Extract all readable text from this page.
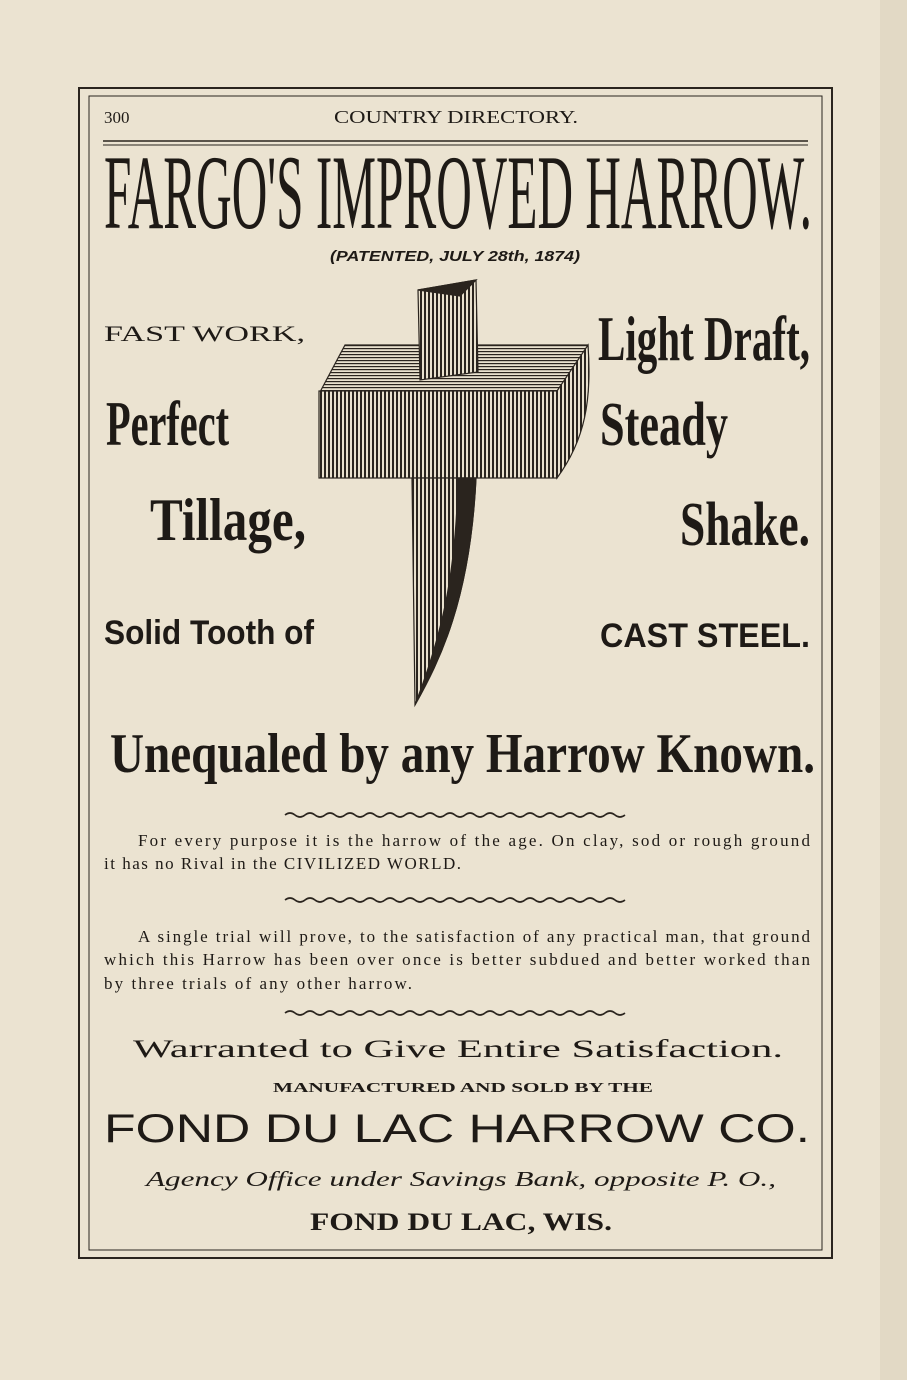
300	COUNTRY DIRECTORY.
FARGO'S IMPROVED HARROW.
(PATENTED, JULY 28th, 1874)
FAST WORK,
Perfect
Tillage,
Solid Tooth of
Light Draft,
Steady
Shake.
CAST STEEL.
Unequaled by any Harrow Known.
For every purpose it is the harrow of the age. On clay, sod or rough ground
it has no Rival in the CIVILIZED WORLD.
A single trial will prove, to the satisfaction of any practical man, that ground
which this Harrow has been over once is better subdued and better worked than
by three trials of any other harrow.
Warranted to Give Entire Satisfaction.
MANUFACTURED AND SOLD BY THE
FOND DU LAC HARROW CO.
Agency Office under Savings Bank, opposite P. O.,
FOND DU LAC, WIS.
